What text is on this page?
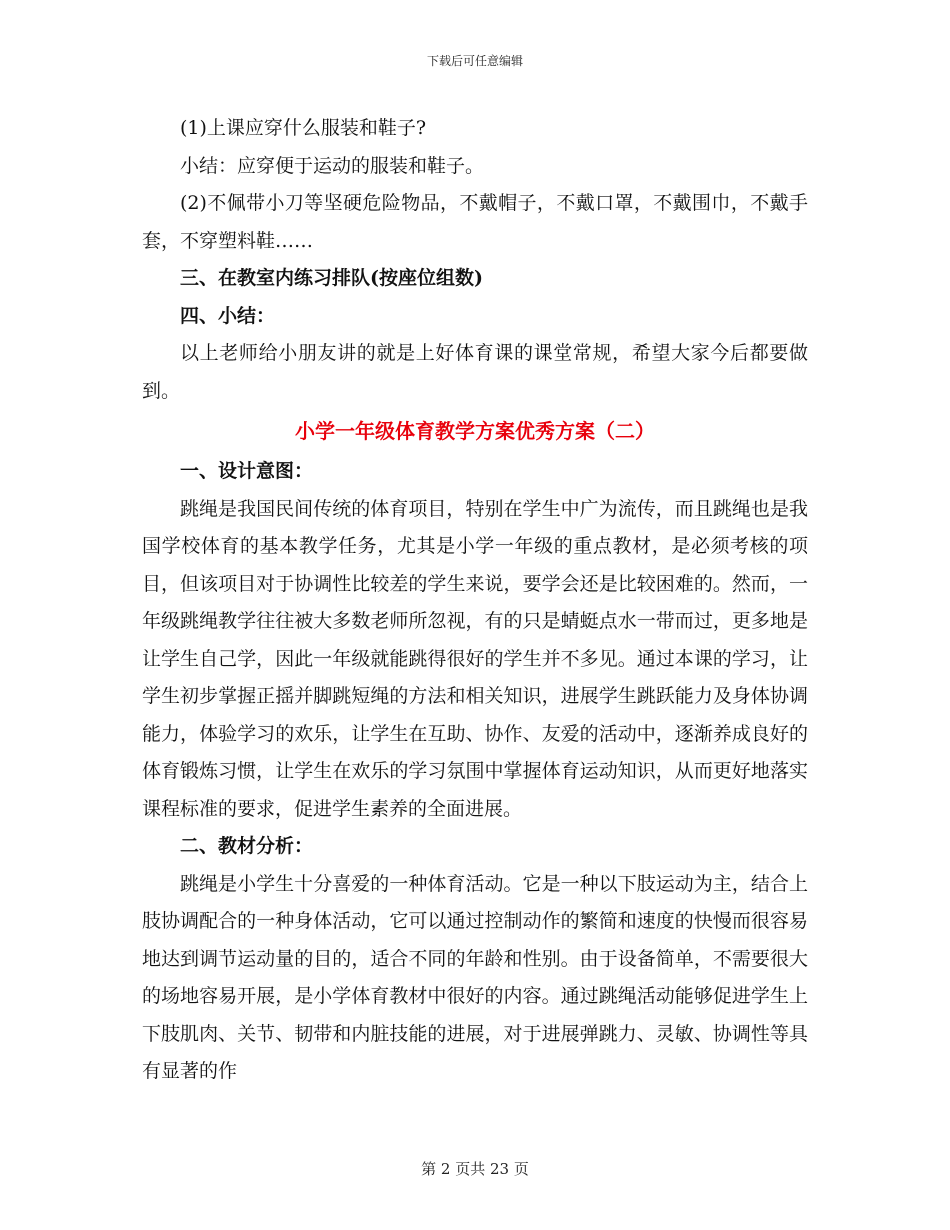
下载后可任意编辑

(1)上课应穿什么服装和鞋子?

小结：应穿便于运动的服装和鞋子。

(2)不佩带小刀等坚硬危险物品，不戴帽子，不戴口罩，不戴围巾，不戴手套，不穿塑料鞋……

三、在教室内练习排队(按座位组数)

四、小结：

以上老师给小朋友讲的就是上好体育课的课堂常规，希望大家今后都要做到。

小学一年级体育教学方案优秀方案（二）

一、设计意图：

跳绳是我国民间传统的体育项目，特别在学生中广为流传，而且跳绳也是我国学校体育的基本教学任务，尤其是小学一年级的重点教材，是必须考核的项目，但该项目对于协调性比较差的学生来说，要学会还是比较困难的。然而，一年级跳绳教学往往被大多数老师所忽视，有的只是蜻蜓点水一带而过，更多地是让学生自己学，因此一年级就能跳得很好的学生并不多见。通过本课的学习，让学生初步掌握正摇并脚跳短绳的方法和相关知识，进展学生跳跃能力及身体协调能力，体验学习的欢乐，让学生在互助、协作、友爱的活动中，逐渐养成良好的体育锻炼习惯，让学生在欢乐的学习氛围中掌握体育运动知识，从而更好地落实课程标准的要求，促进学生素养的全面进展。

二、教材分析：

跳绳是小学生十分喜爱的一种体育活动。它是一种以下肢运动为主，结合上肢协调配合的一种身体活动，它可以通过控制动作的繁简和速度的快慢而很容易地达到调节运动量的目的，适合不同的年龄和性别。由于设备简单，不需要很大的场地容易开展，是小学体育教材中很好的内容。通过跳绳活动能够促进学生上下肢肌肉、关节、韧带和内脏技能的进展，对于进展弹跳力、灵敏、协调性等具有显著的作

第 2 页共 23 页
